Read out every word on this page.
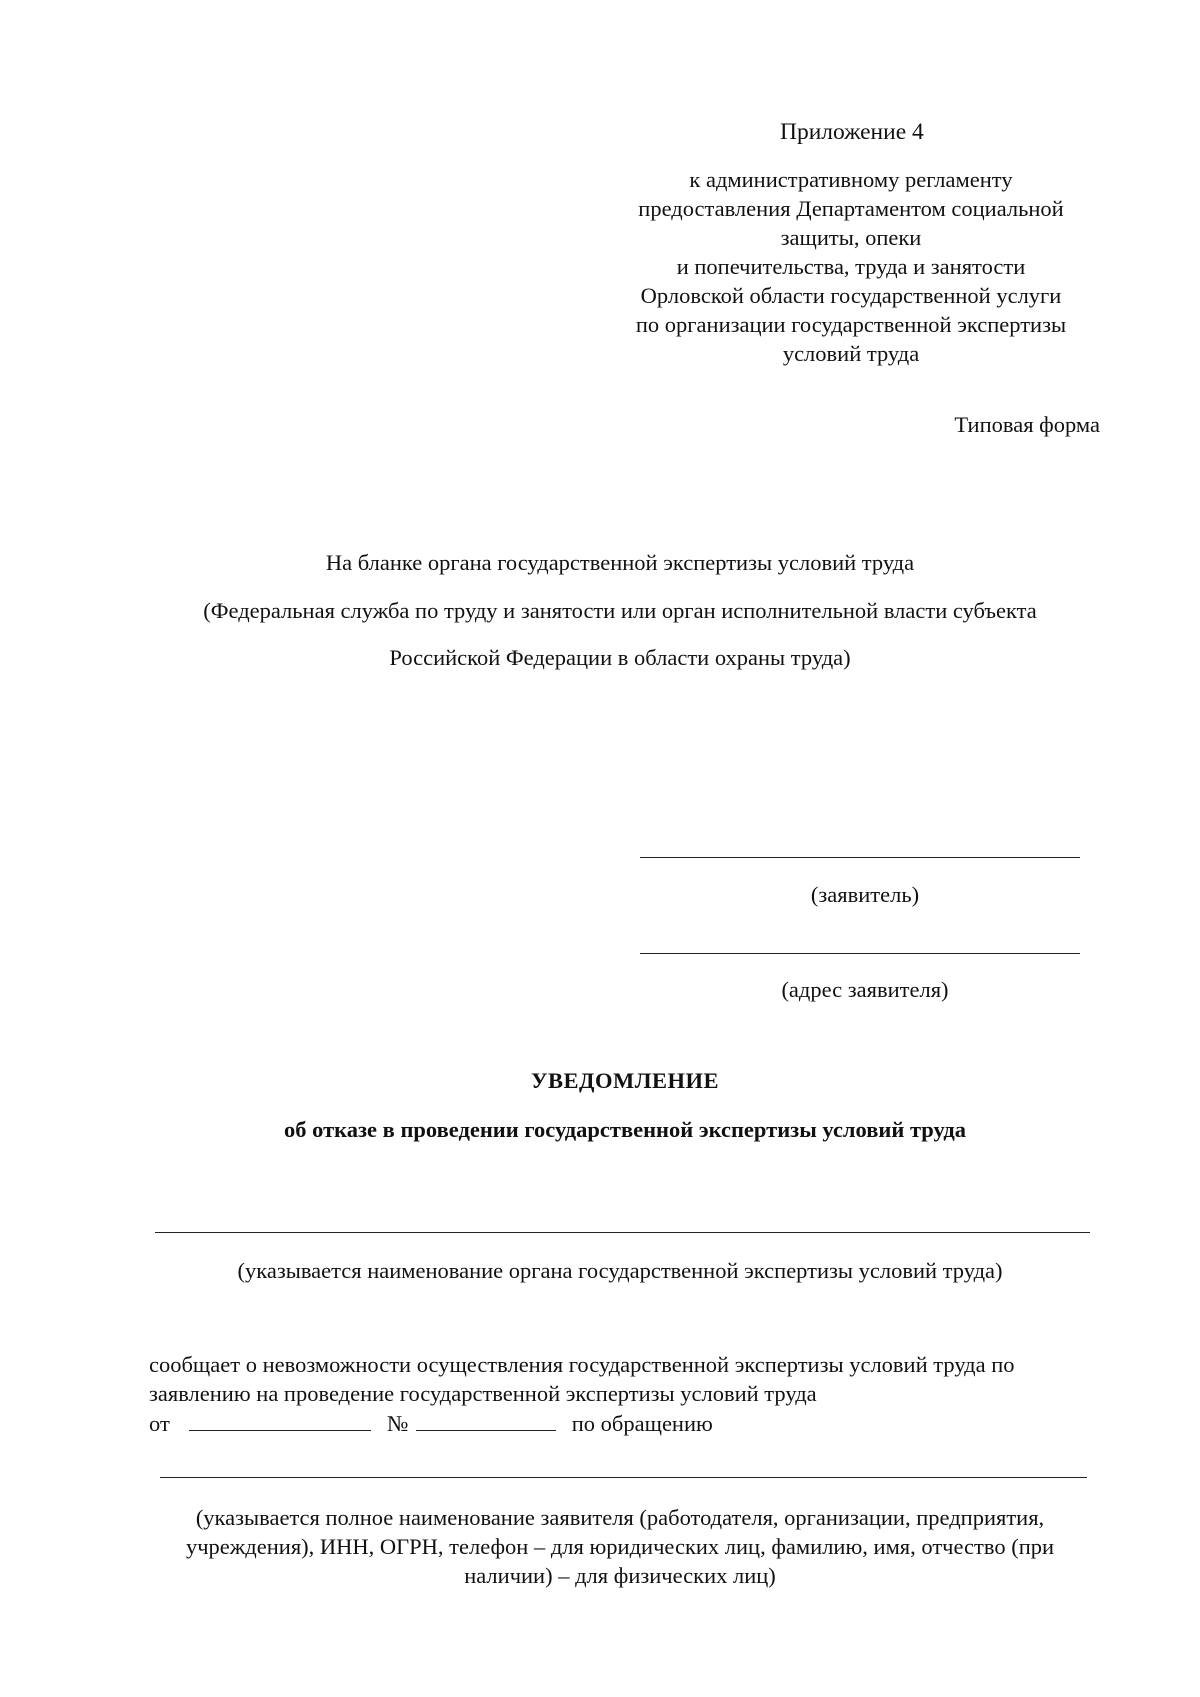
Приложение 4
к административному регламенту
предоставления Департаментом социальной
защиты, опеки
и попечительства, труда и занятости
Орловской области государственной услуги
по организации государственной экспертизы
условий труда
Типовая форма
На бланке органа государственной экспертизы условий труда
(Федеральная служба по труду и занятости или орган исполнительной власти субъекта
Российской Федерации в области охраны труда)
(заявитель)
(адрес заявителя)
УВЕДОМЛЕНИЕ
об отказе в проведении государственной экспертизы условий труда
(указывается наименование органа государственной экспертизы условий труда)
сообщает о невозможности осуществления государственной экспертизы условий труда по
заявлению на проведение государственной экспертизы условий труда
от	№	по обращению
(указывается полное наименование заявителя (работодателя, организации, предприятия,
учреждения), ИНН, ОГРН, телефон – для юридических лиц, фамилию, имя, отчество (при
наличии) – для физических лиц)
